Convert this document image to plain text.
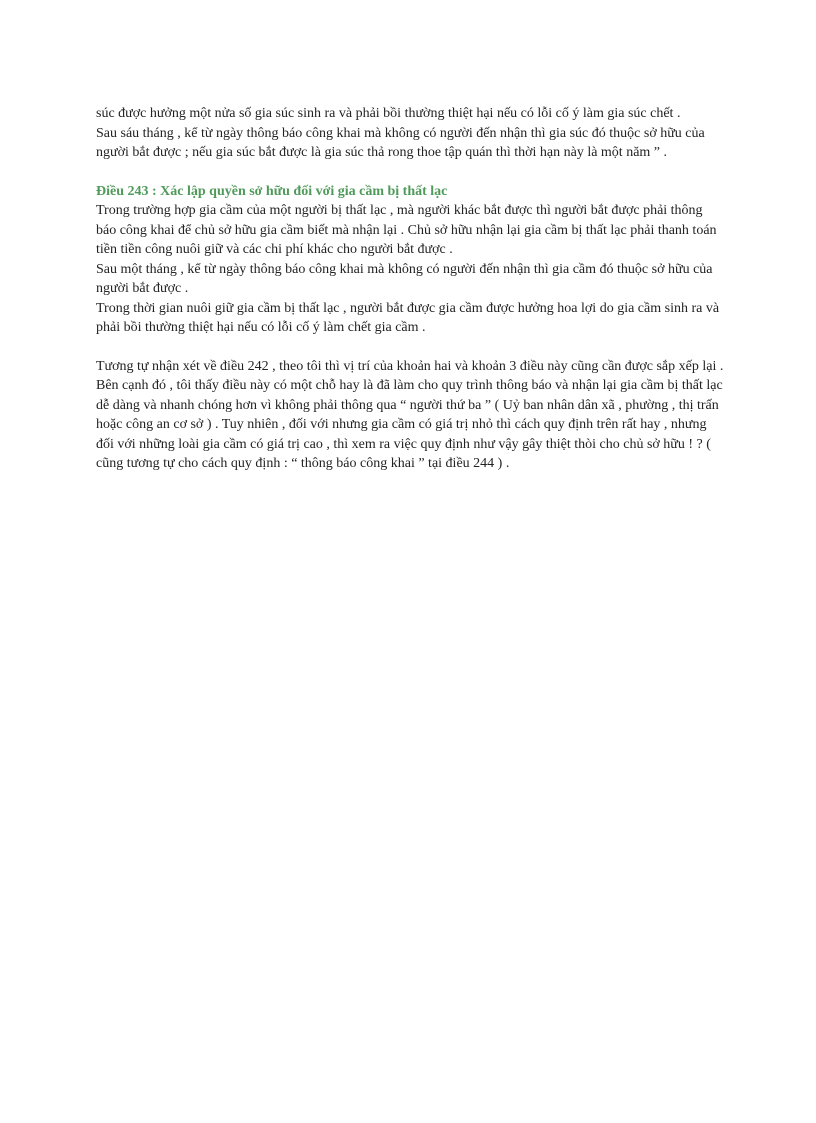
súc được hưởng một nửa số gia súc sinh ra và phải bồi thường thiệt hại nếu có lỗi cố ý làm gia súc chết .

Sau sáu tháng , kể từ ngày thông báo công khai mà không có người đến nhận thì gia súc đó thuộc sở hữu của người bắt được ; nếu gia súc bắt được là gia súc thả rong thoe tập quán thì thời hạn này là một năm ” .

Điều 243 : Xác lập quyền sở hữu đối với gia cầm bị thất lạc

Trong trường hợp gia cầm của một người bị thất lạc , mà người khác bắt được thì người bắt được phải thông báo công khai để chủ sở hữu gia cầm biết mà nhận lại . Chủ sở hữu nhận lại gia cầm bị thất lạc phải thanh toán tiền tiền công nuôi giữ và các chi phí khác cho người bắt được .

Sau một tháng , kể từ ngày thông báo công khai mà không có người đến nhận thì gia cầm đó thuộc sở hữu của người bắt được .

Trong thời gian nuôi giữ gia cầm bị thất lạc , người bắt được gia cầm được hưởng hoa lợi do gia cầm sinh ra và phải bồi thường thiệt hại nếu có lỗi cố ý làm chết gia cầm .

Tương tự nhận xét về điều 242 , theo tôi thì vị trí của khoản hai và khoản 3 điều này cũng cần được sắp xếp lại .

Bên cạnh đó , tôi thấy điều này có một chỗ hay là đã làm cho quy trình thông báo và nhận lại gia cầm bị thất lạc dễ dàng và nhanh chóng hơn vì không phải thông qua “ người thứ ba ” ( Uỷ ban nhân dân xã , phường , thị trấn hoặc công an cơ sở ) . Tuy nhiên , đối với nhưng gia cầm có giá trị nhỏ thì cách quy định trên rất hay , nhưng đối với những loài gia cầm có giá trị cao , thì xem ra việc quy định như vậy gây thiệt thòi cho chủ sở hữu ! ? ( cũng tương tự cho cách quy định : “ thông báo công khai ” tại điều 244 ) .
